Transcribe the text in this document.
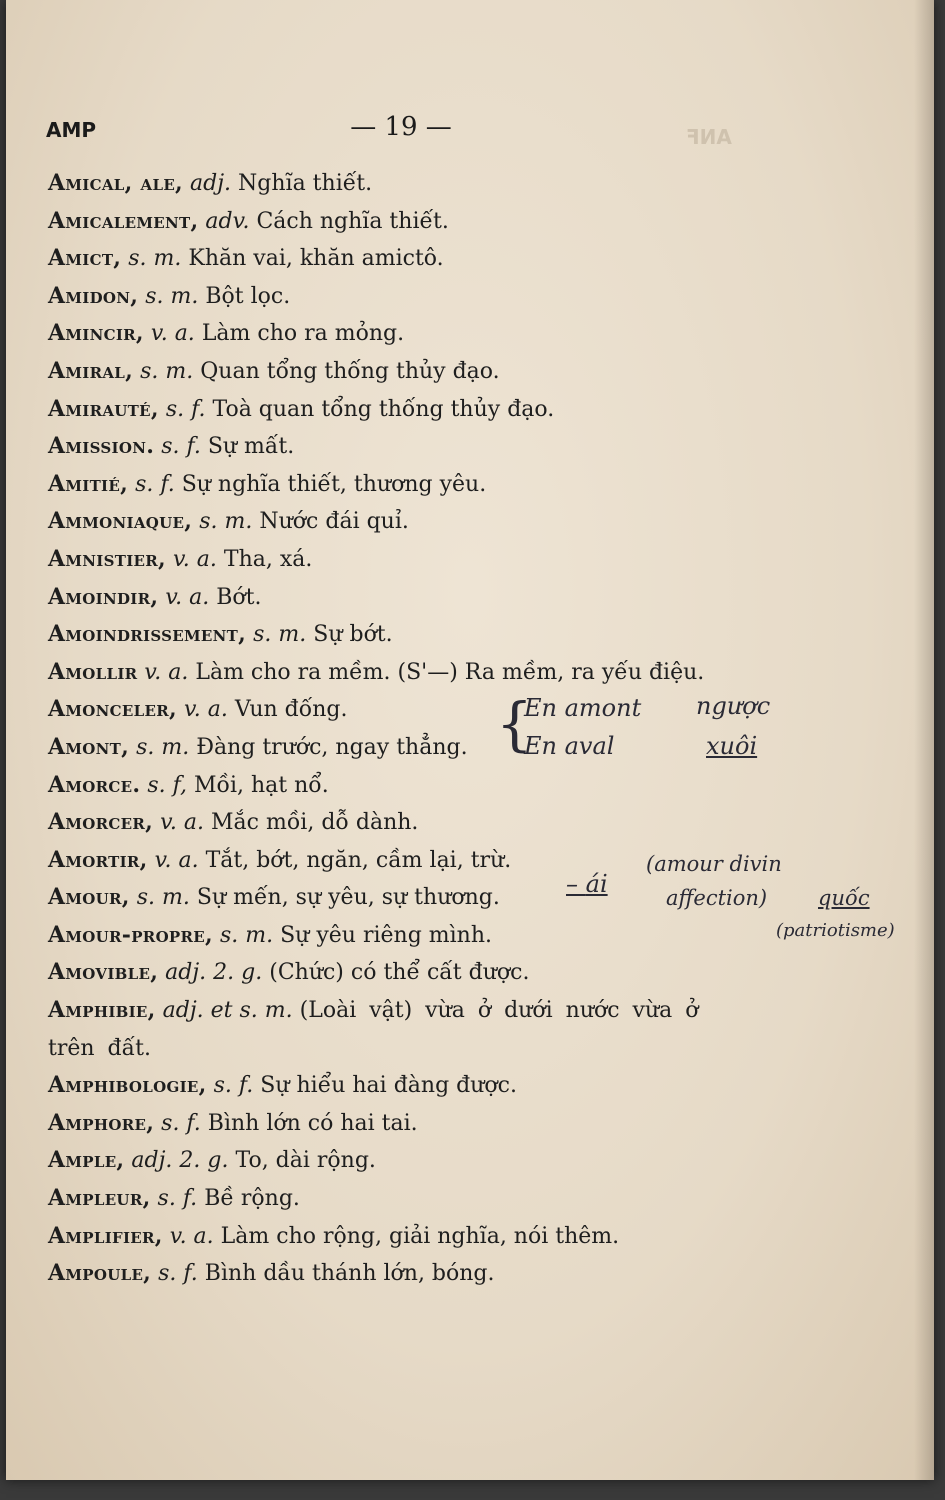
AMP	— 19 —	ANF
Amical, ale, adj. Nghĩa thiết.
Amicalement, adv. Cách nghĩa thiết.
Amict, s. m. Khăn vai, khăn amictô.
Amidon, s. m. Bột lọc.
Amincir, v. a. Làm cho ra mỏng.
Amiral, s. m. Quan tổng thống thủy đạo.
Amirauté, s. f. Toà quan tổng thống thủy đạo.
Amission. s. f. Sự mất.
Amitié, s. f. Sự nghĩa thiết, thương yêu.
Ammoniaque, s. m. Nước đái quỉ.
Amnistier, v. a. Tha, xá.
Amoindir, v. a. Bớt.
Amoindrissement, s. m. Sự bớt.
Amollir v. a. Làm cho ra mềm. (S'—) Ra mềm, ra yếu điệu.
Amonceler, v. a. Vun đống.
Amont, s. m. Đàng trước, ngay thẳng.
Amorce. s. f, Mồi, hạt nổ.
Amorcer, v. a. Mắc mồi, dỗ dành.
Amortir, v. a. Tắt, bớt, ngăn, cầm lại, trừ.
Amour, s. m. Sự mến, sự yêu, sự thương.
Amour-propre, s. m. Sự yêu riêng mình.
Amovible, adj. 2. g. (Chức) có thể cất được.
Amphibie, adj. et s. m. (Loài vật) vừa ở dưới nước vừa ở trên đất.
Amphibologie, s. f. Sự hiểu hai đàng được.
Amphore, s. f. Bình lớn có hai tai.
Ample, adj. 2. g. To, dài rộng.
Ampleur, s. f. Bề rộng.
Amplifier, v. a. Làm cho rộng, giải nghĩa, nói thêm.
Ampoule, s. f. Bình dầu thánh lớn, bóng.
{
En amont
En aval
ngược
xuôi
– ái
(amour divin
affection) quốc
(patriotisme)
